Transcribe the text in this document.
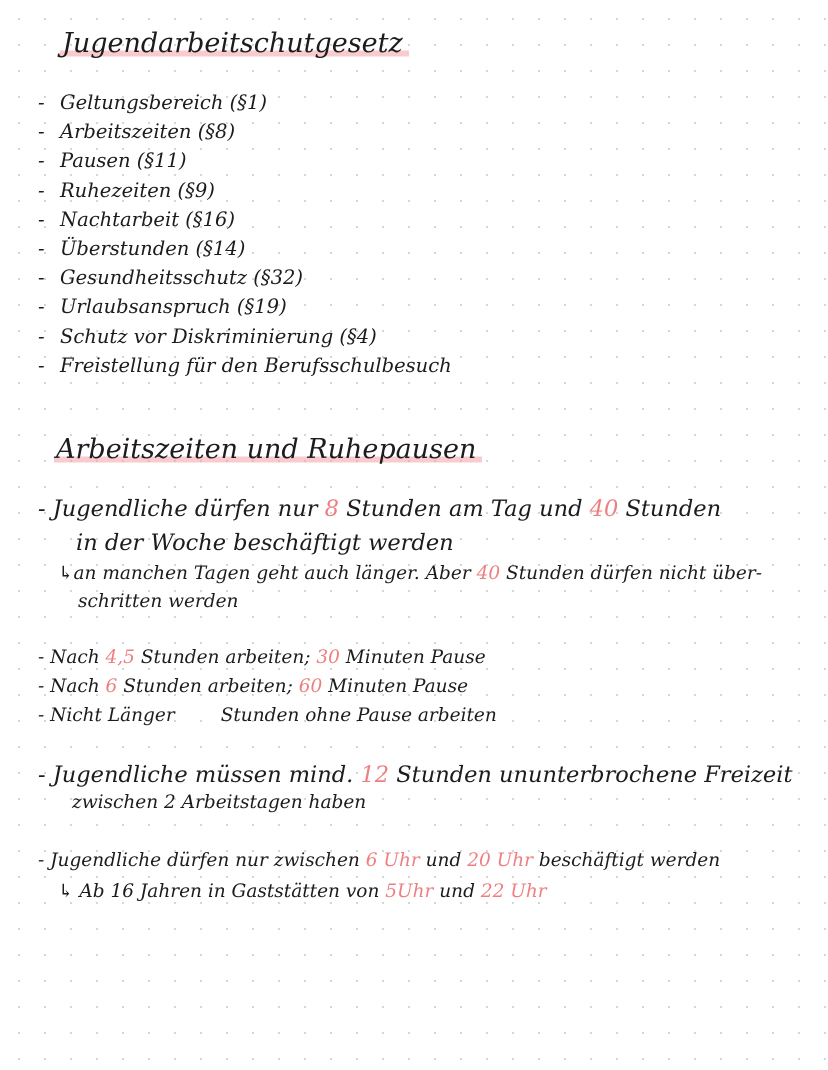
Jugendarbeitschutgesetz
- Geltungsbereich (§1)
- Arbeitszeiten (§8)
- Pausen (§11)
- Ruhezeiten (§9)
- Nachtarbeit (§16)
- Überstunden (§14)
- Gesundheitsschutz (§32)
- Urlaubsanspruch (§19)
- Schutz vor Diskriminierung (§4)
- Freistellung für den Berufsschulbesuch
Arbeitszeiten und Ruhepausen
- Jugendliche dürfen nur 8 Stunden am Tag und 40 Stunden
in der Woche beschäftigt werden
↳an manchen Tagen geht auch länger. Aber 40 Stunden dürfen nicht über-
schritten werden
- Nach 4,5 Stunden arbeiten; 30 Minuten Pause
- Nach 6 Stunden arbeiten; 60 Minuten Pause
- Nicht Länger Stunden ohne Pause arbeiten
- Jugendliche müssen mind. 12 Stunden ununterbrochene Freizeit
zwischen 2 Arbeitstagen haben
- Jugendliche dürfen nur zwischen 6 Uhr und 20 Uhr beschäftigt werden
↳ Ab 16 Jahren in Gaststätten von 5Uhr und 22 Uhr
